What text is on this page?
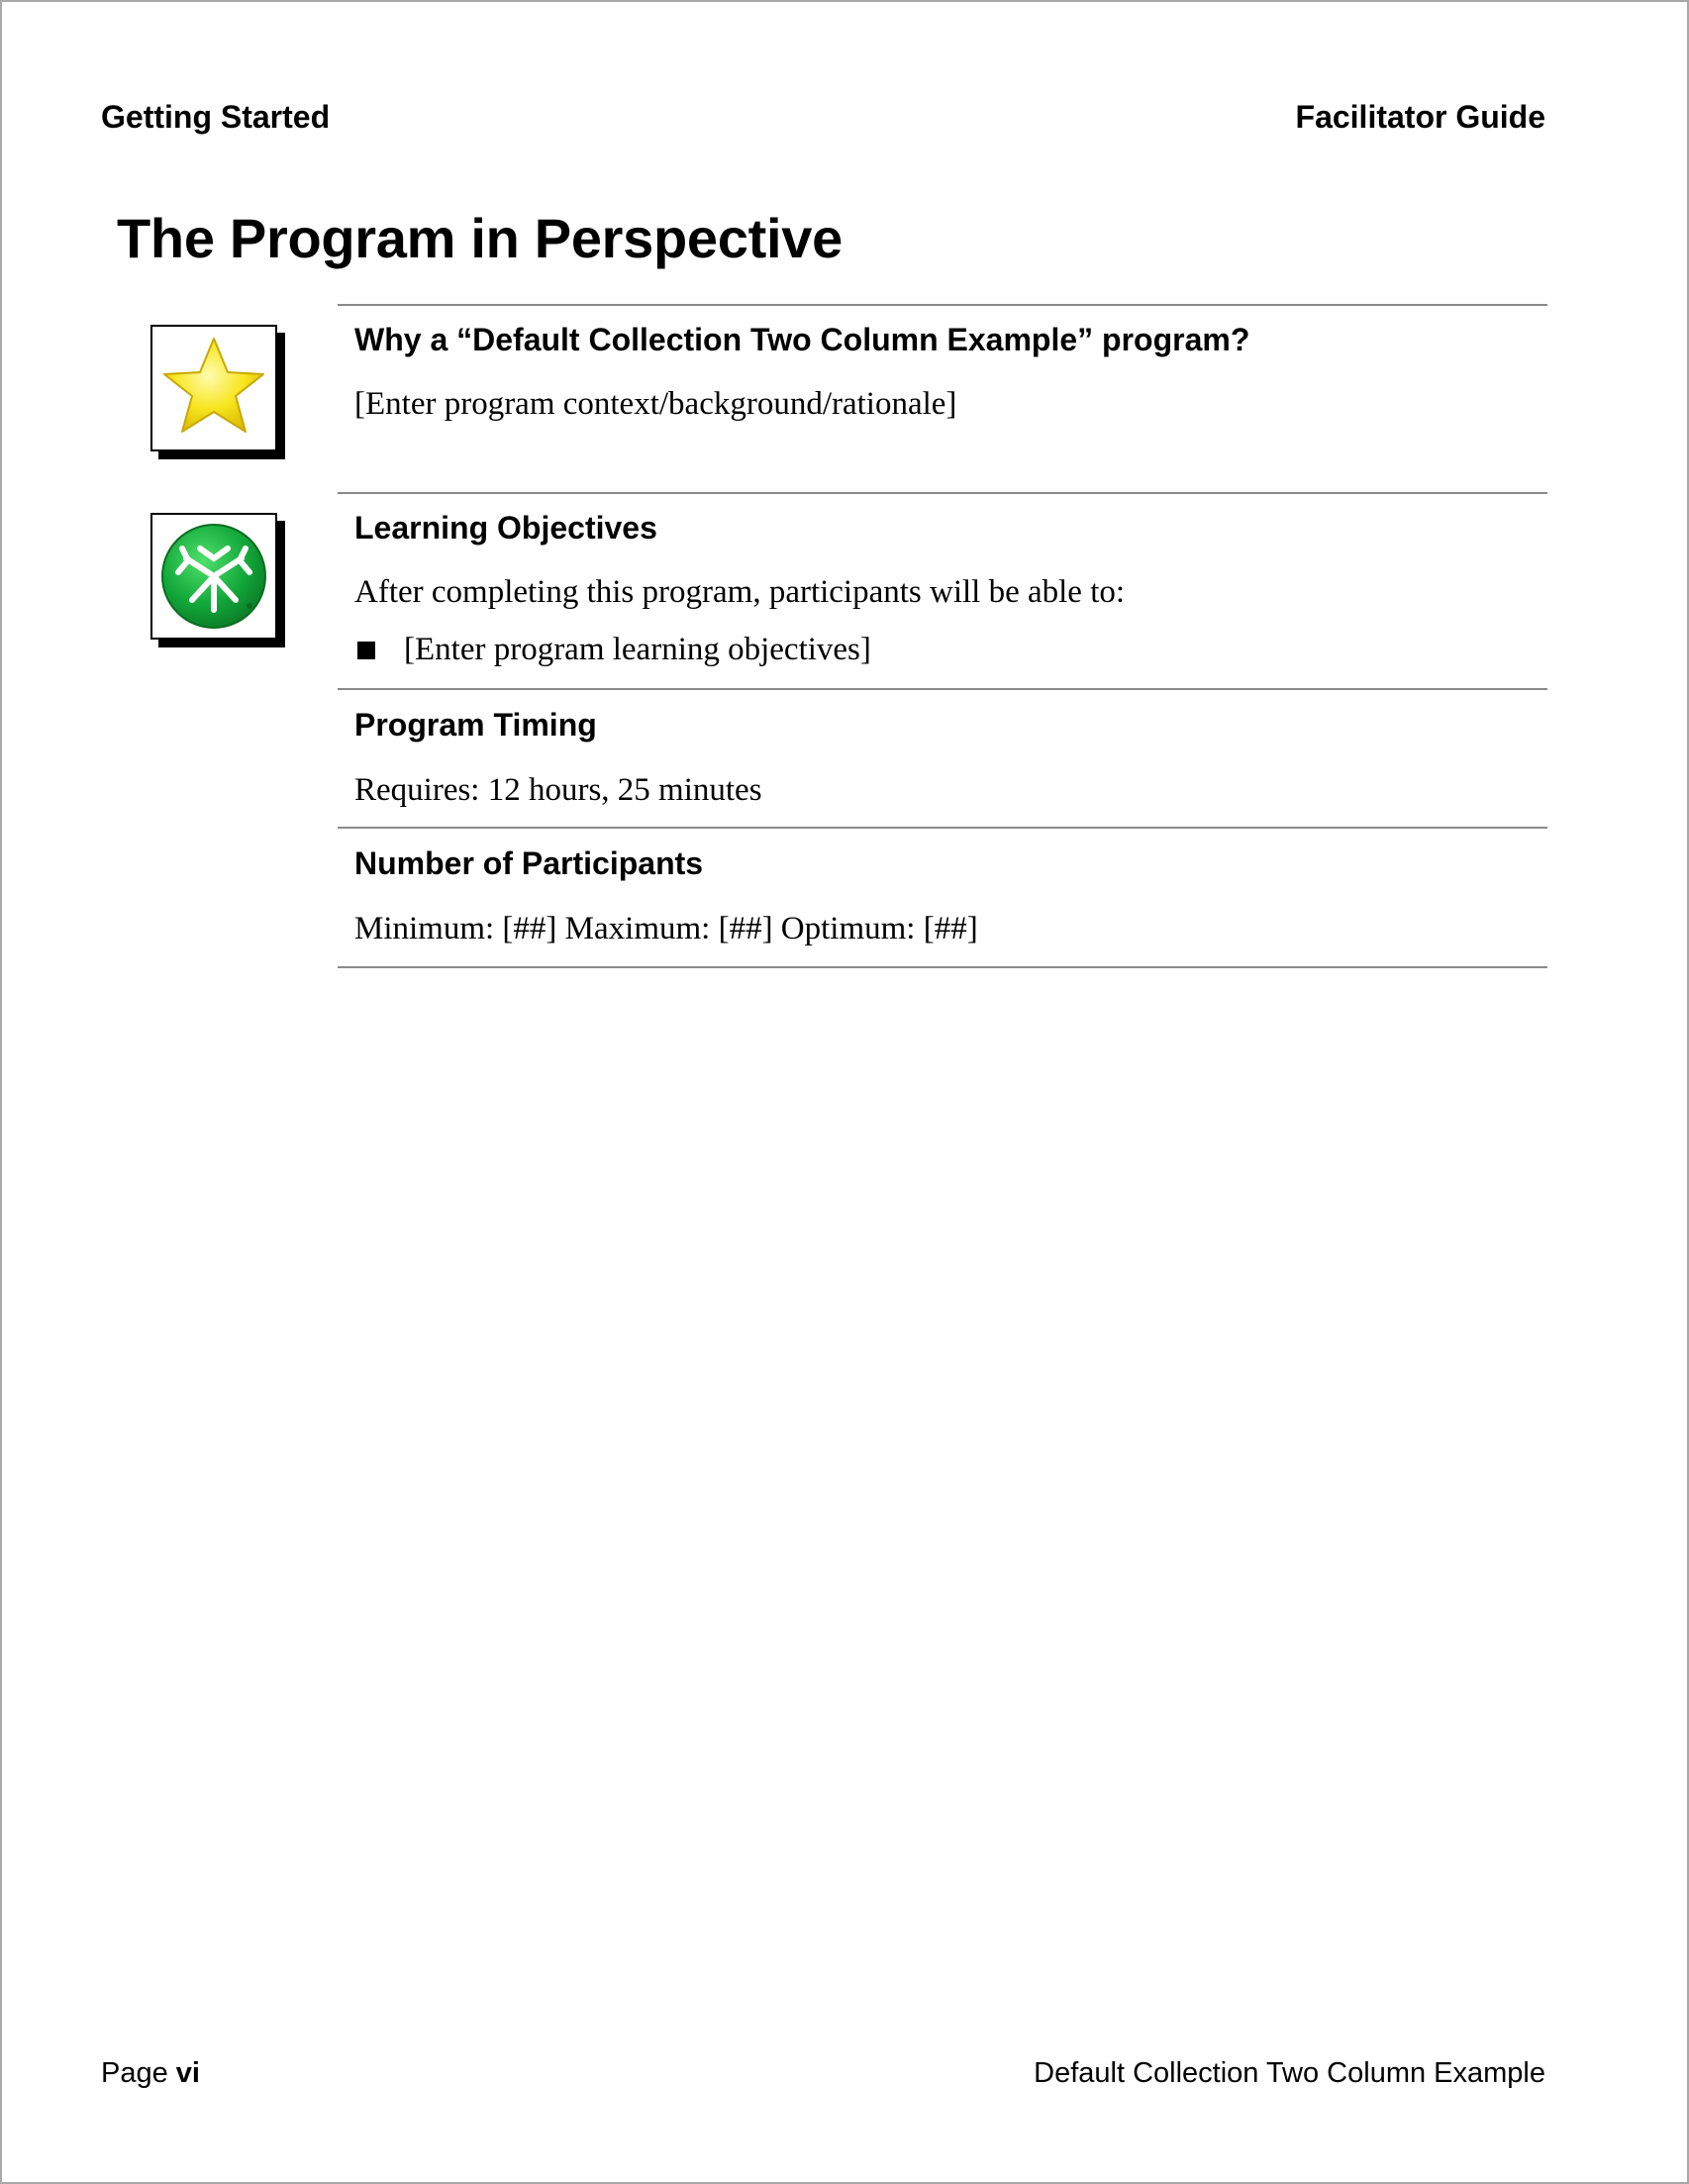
Getting Started	Facilitator Guide
The Program in Perspective
Why a “Default Collection Two Column Example” program?

[Enter program context/background/rationale]

Learning Objectives

After completing this program, participants will be able to:

[Enter program learning objectives]

Program Timing

Requires: 12 hours, 25 minutes

Number of Participants

Minimum: [##] Maximum: [##] Optimum: [##]

Page vi	Default Collection Two Column Example
